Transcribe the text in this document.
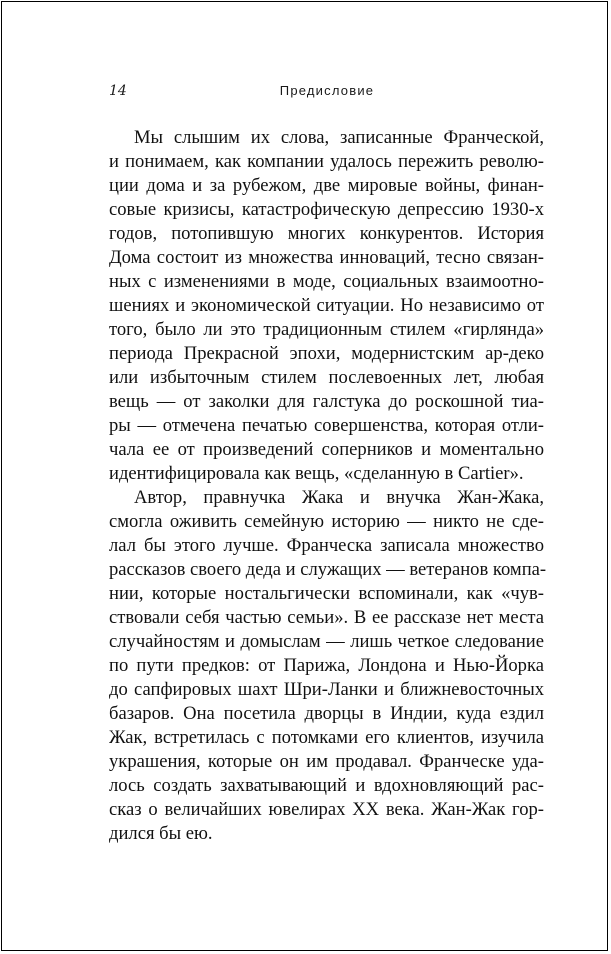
14	Предисловие
Мы слышим их слова, записанные Франческой,
и понимаем, как компании удалось пережить револю-
ции дома и за рубежом, две мировые войны, финан-
совые кризисы, катастрофическую депрессию 1930-х
годов, потопившую многих конкурентов. История
Дома состоит из множества инноваций, тесно связан-
ных с изменениями в моде, социальных взаимоотно-
шениях и экономической ситуации. Но независимо от
того, было ли это традиционным стилем «гирлянда»
периода Прекрасной эпохи, модернистским ар-деко
или избыточным стилем послевоенных лет, любая
вещь — от заколки для галстука до роскошной тиа-
ры — отмечена печатью совершенства, которая отли-
чала ее от произведений соперников и моментально
идентифицировала как вещь, «сделанную в Cartier».
Автор, правнучка Жака и внучка Жан-Жака,
смогла оживить семейную историю — никто не сде-
лал бы этого лучше. Франческа записала множество
рассказов своего деда и служащих — ветеранов компа-
нии, которые ностальгически вспоминали, как «чув-
ствовали себя частью семьи». В ее рассказе нет места
случайностям и домыслам — лишь четкое следование
по пути предков: от Парижа, Лондона и Нью-Йорка
до сапфировых шахт Шри-Ланки и ближневосточных
базаров. Она посетила дворцы в Индии, куда ездил
Жак, встретилась с потомками его клиентов, изучила
украшения, которые он им продавал. Франческе уда-
лось создать захватывающий и вдохновляющий рас-
сказ о величайших ювелирах XX века. Жан-Жак гор-
дился бы ею.
